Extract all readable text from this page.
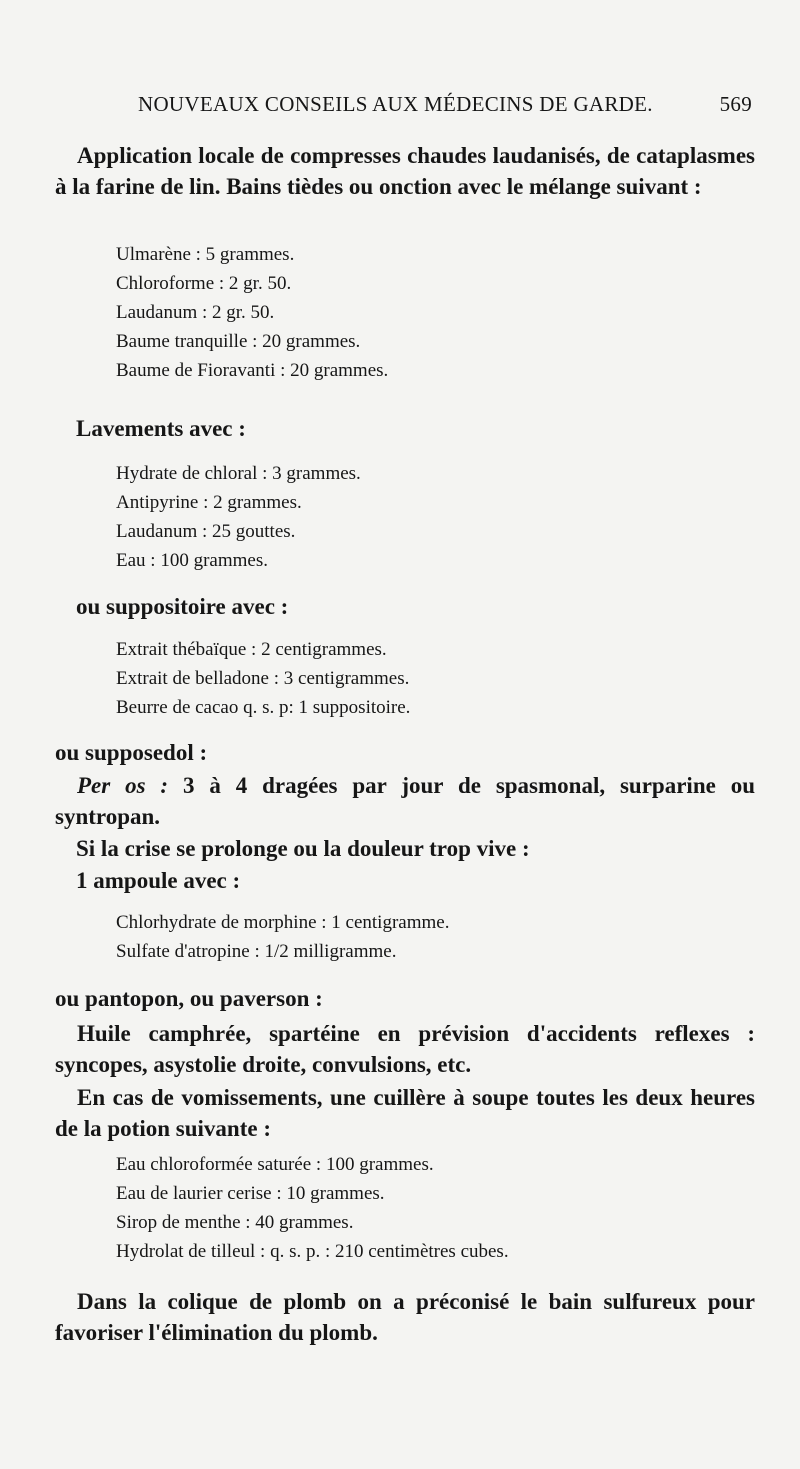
NOUVEAUX CONSEILS AUX MÉDECINS DE GARDE.	569
Application locale de compresses chaudes laudanisés, de cataplasmes à la farine de lin. Bains tièdes ou onction avec le mélange suivant :
Ulmarène : 5 grammes.
Chloroforme : 2 gr. 50.
Laudanum : 2 gr. 50.
Baume tranquille : 20 grammes.
Baume de Fioravanti : 20 grammes.
Lavements avec :
Hydrate de chloral : 3 grammes.
Antipyrine : 2 grammes.
Laudanum : 25 gouttes.
Eau : 100 grammes.
ou suppositoire avec :
Extrait thébaïque : 2 centigrammes.
Extrait de belladone : 3 centigrammes.
Beurre de cacao q. s. p: 1 suppositoire.
ou supposedol :
Per os : 3 à 4 dragées par jour de spasmonal, surparine ou syntropan.
Si la crise se prolonge ou la douleur trop vive :
1 ampoule avec :
Chlorhydrate de morphine : 1 centigramme.
Sulfate d'atropine : 1/2 milligramme.
ou pantopon, ou paverson :
Huile camphrée, spartéine en prévision d'accidents reflexes : syncopes, asystolie droite, convulsions, etc.
En cas de vomissements, une cuillère à soupe toutes les deux heures de la potion suivante :
Eau chloroformée saturée : 100 grammes.
Eau de laurier cerise : 10 grammes.
Sirop de menthe : 40 grammes.
Hydrolat de tilleul : q. s. p. : 210 centimètres cubes.
Dans la colique de plomb on a préconisé le bain sulfureux pour favoriser l'élimination du plomb.
